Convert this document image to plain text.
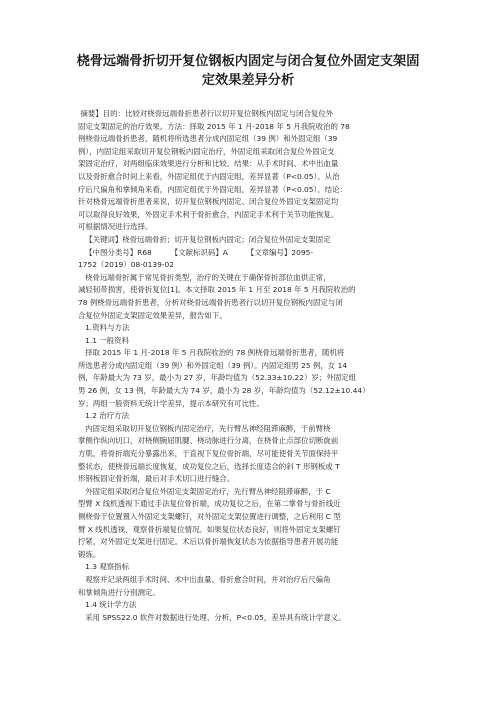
桡骨远端骨折切开复位钢板内固定与闭合复位外固定支架固
定效果差异分析

摘要】目的：比较对桡骨远端骨折患者行以切开复位钢板内固定与闭合复位外

固定支架固定的治疗效果。方法：择取 2015 年 1 月-2018 年 5 月我院收治的 78

例桡骨远端骨折患者，随机将所选患者分成内固定组（39 例）和外固定组（39

例），内固定组采取切开复位钢板内固定治疗，外固定组采取闭合复位外固定支

架固定治疗，对两组临床效果进行分析和比较。结果：从手术时间、术中出血量

以及骨折愈合时间上来看，外固定组优于内固定组，差异显著（P<0.05）。从治

疗后尺偏角和掌倾角来看，内固定组优于外固定组，差异显著（P<0.05）。结论：

针对桡骨远端骨折患者来说，切开复位钢板内固定、闭合复位外固定支架固定均

可以取得良好效果，外固定手术利于骨折愈合，内固定手术利于关节功能恢复。

可根据情况进行选择。

【关键词】桡骨远端骨折；切开复位钢板内固定；闭合复位外固定支架固定

【中图分类号】R68        【文献标识码】A        【文章编号】2095-

1752（2019）08-0139-02

桡骨远端骨折属于常见骨折类型，治疗的关键在于确保骨折部位血供正常，

减轻韧带损害，使骨折复位[1]。本文择取 2015 年 1 月至 2018 年 5 月我院收治的

78 例桡骨远端骨折患者，分析对桡骨远端骨折患者行以切开复位钢板内固定与闭

合复位外固定支架固定效果差异，报告如下。

1.资料与方法

1.1 一般资料

择取 2015 年 1 月-2018 年 5 月我院收治的 78 例桡骨远端骨折患者，随机将

所选患者分成内固定组（39 例）和外固定组（39 例）。内固定组男 25 例，女 14

例，年龄最大为 73 岁，最小为 27 岁，年龄均值为（52.33±10.22）岁；外固定组

男 26 例，女 13 例，年龄最大为 74 岁，最小为 28 岁，年龄均值为（52.12±10.44）

岁；两组一般资料无统计学差异，提示本研究有可比性。

1.2 治疗方法

内固定组采取切开复位钢板内固定治疗，先行臂丛神经阻滞麻醉，于前臂桡

掌侧作纵向切口，对桡侧腕屈肌腱、桡动脉进行分离，在桡骨止点部位切断旋前

方肌，将骨折端充分暴露出来，于直视下复位骨折端，尽可能使骨关节面保持平

整状态，使桡骨远端长度恢复，成功复位之后，选择长度适合的斜 T 形钢板或 T

形钢板固定骨折端，最后对手术切口进行缝合。

外固定组采取闭合复位外固定支架固定治疗，先行臂丛神经阻滞麻醉，于 C

型臂 X 线机透视下通过手法复位骨折端，成功复位之后，在第二掌骨与骨折线近

侧桡骨干位置置入外固定支架螺钉，对外固定支架位置进行调整，之后利用 C 型

臂 X 线机透视，观察骨折端复位情况。如果复位状态良好，则将外固定支架螺钉

拧紧，对外固定支架进行固定。术后以骨折端恢复状态为依据指导患者开展功能

锻炼。

1.3 观察指标

观察并记录两组手术时间、术中出血量、骨折愈合时间，并对治疗后尺偏角

和掌倾角进行分别测定。

1.4 统计学方法

采用 SPSS22.0 软件对数据进行处理、分析，P<0.05，差异具有统计学意义。
